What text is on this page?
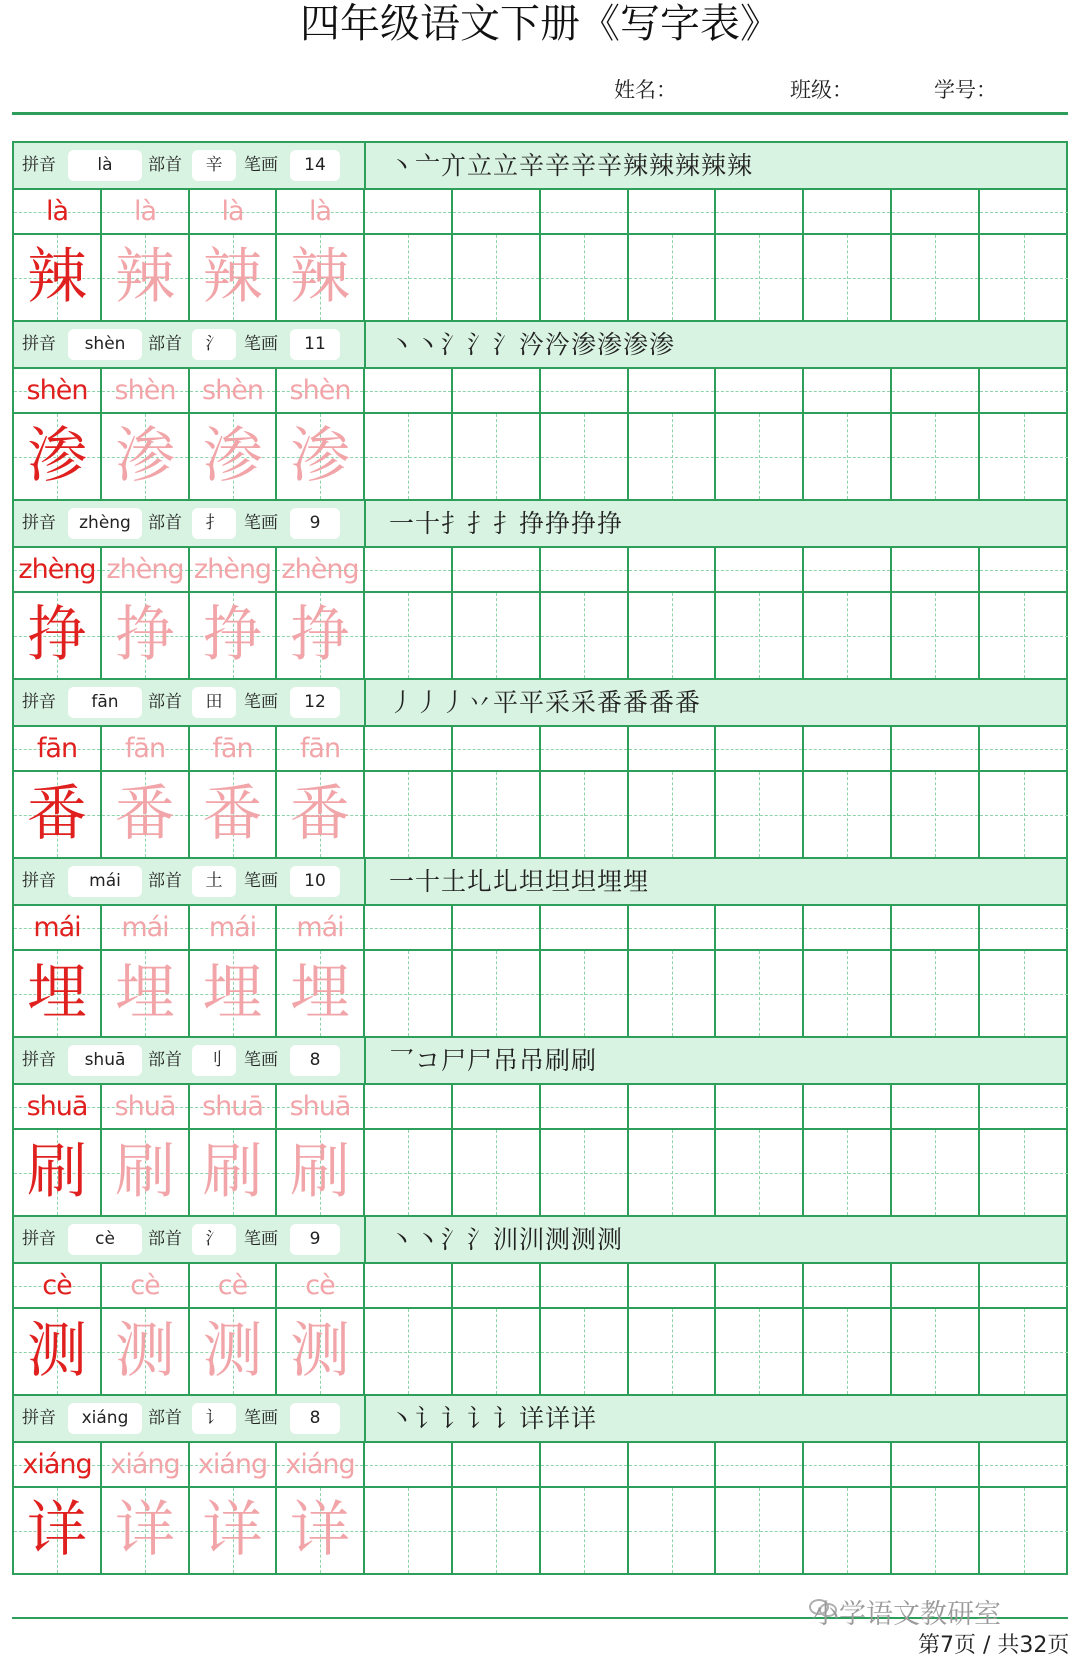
四年级语文下册《写字表》
姓名：	班级：	学号：
拼音	là	部首	辛	笔画	14	丶亠亣立立辛辛辛辛辣辣辣辣辣
là	là	là	là
辣 辣 辣 辣
拼音	shèn	部首	氵	笔画	11	丶丶氵氵氵汵汵渗渗渗渗
shèn	shèn shèn shèn
渗 渗 渗 渗
拼音	zhèng	部首	扌	笔画	9	一十扌扌扌挣挣挣挣
zhèng zhèng zhèng zhèng
挣 挣 挣 挣
拼音	fān	部首	田	笔画	12	丿丿丿丷平平采采番番番番
fān	fān	fān	fān
番 番 番 番
拼音	mái	部首	土	笔画	10	一十土圠圠坦坦坦埋埋
mái	mái	mái	mái
埋 埋 埋 埋
拼音	shuā	部首	刂	笔画	8	乛コ尸尸吊吊刷刷
shuā	shuā shuā shuā
刷 刷 刷 刷
拼音	cè	部首	氵	笔画	9	丶丶氵氵汌汌测测测
cè	cè	cè	cè
测 测 测 测
拼音	xiáng	部首	讠	笔画	8	丶讠讠讠讠详详详
xiáng xiáng xiáng xiáng
详 详 详 详
小学语文教研室
第7页 / 共32页
